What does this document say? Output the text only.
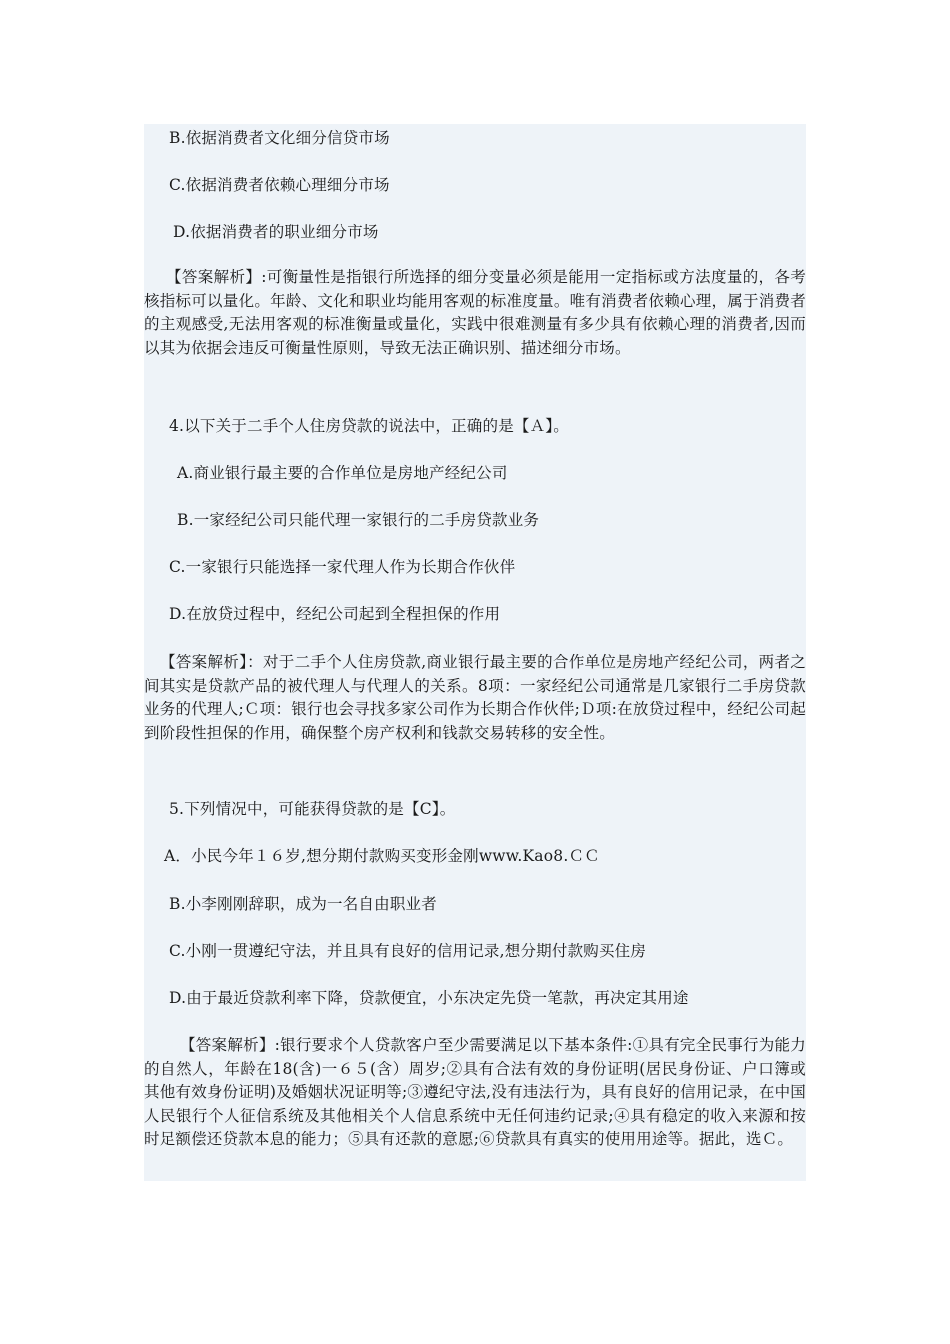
B.依据消费者文化细分信贷市场
C.依据消费者依赖心理细分市场
D.依据消费者的职业细分市场
【答案解析】:可衡量性是指银行所选择的细分变量必须是能用一定指标或方法度量的，各考核指标可以量化。年龄、文化和职业均能用客观的标准度量。唯有消费者依赖心理，属于消费者的主观感受,无法用客观的标准衡量或量化，实践中很难测量有多少具有依赖心理的消费者,因而以其为依据会违反可衡量性原则，导致无法正确识别、描述细分市场。
4.以下关于二手个人住房贷款的说法中，正确的是【Ａ】。
A.商业银行最主要的合作单位是房地产经纪公司
B.一家经纪公司只能代理一家银行的二手房贷款业务
C.一家银行只能选择一家代理人作为长期合作伙伴
D.在放贷过程中，经纪公司起到全程担保的作用
【答案解析】：对于二手个人住房贷款,商业银行最主要的合作单位是房地产经纪公司，两者之间其实是贷款产品的被代理人与代理人的关系。8项：一家经纪公司通常是几家银行二手房贷款业务的代理人;Ｃ项：银行也会寻找多家公司作为长期合作伙伴;Ｄ项:在放贷过程中，经纪公司起到阶段性担保的作用，确保整个房产权利和钱款交易转移的安全性。
5.下列情况中，可能获得贷款的是【C】。
A．小民今年１６岁,想分期付款购买变形金刚www.Kao8.ＣＣ
B.小李刚刚辞职，成为一名自由职业者
C.小刚一贯遵纪守法，并且具有良好的信用记录,想分期付款购买住房
D.由于最近贷款利率下降，贷款便宜，小东决定先贷一笔款，再决定其用途
【答案解析】:银行要求个人贷款客户至少需要满足以下基本条件:①具有完全民事行为能力的自然人，年龄在18(含)一６５(含）周岁;②具有合法有效的身份证明(居民身份证、户口簿或其他有效身份证明)及婚姻状况证明等;③遵纪守法,没有违法行为，具有良好的信用记录，在中国人民银行个人征信系统及其他相关个人信息系统中无任何违约记录;④具有稳定的收入来源和按时足额偿还贷款本息的能力；⑤具有还款的意愿;⑥贷款具有真实的使用用途等。据此，选Ｃ。
